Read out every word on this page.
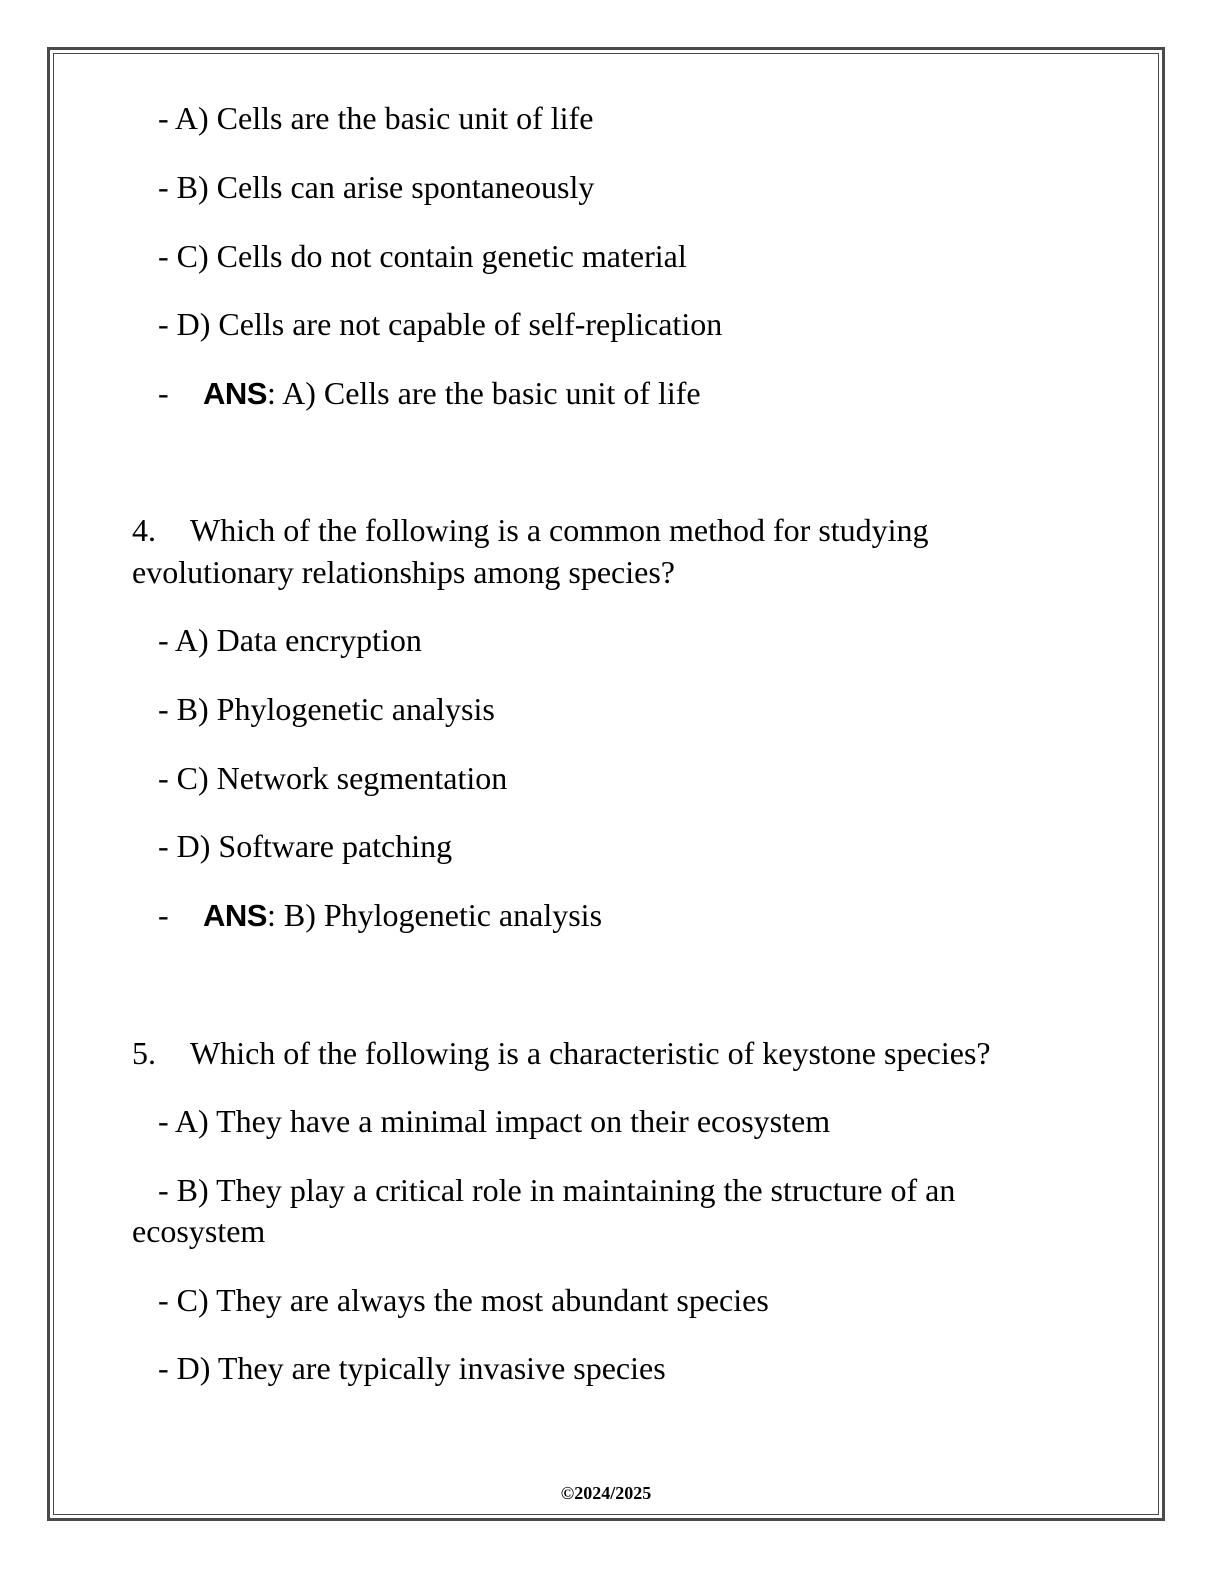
- A) Cells are the basic unit of life
- B) Cells can arise spontaneously
- C) Cells do not contain genetic material
- D) Cells are not capable of self-replication
- ANS: A) Cells are the basic unit of life
4. Which of the following is a common method for studying
evolutionary relationships among species?
- A) Data encryption
- B) Phylogenetic analysis
- C) Network segmentation
- D) Software patching
- ANS: B) Phylogenetic analysis
5. Which of the following is a characteristic of keystone species?
- A) They have a minimal impact on their ecosystem
- B) They play a critical role in maintaining the structure of an
ecosystem
- C) They are always the most abundant species
- D) They are typically invasive species
©2024/2025
